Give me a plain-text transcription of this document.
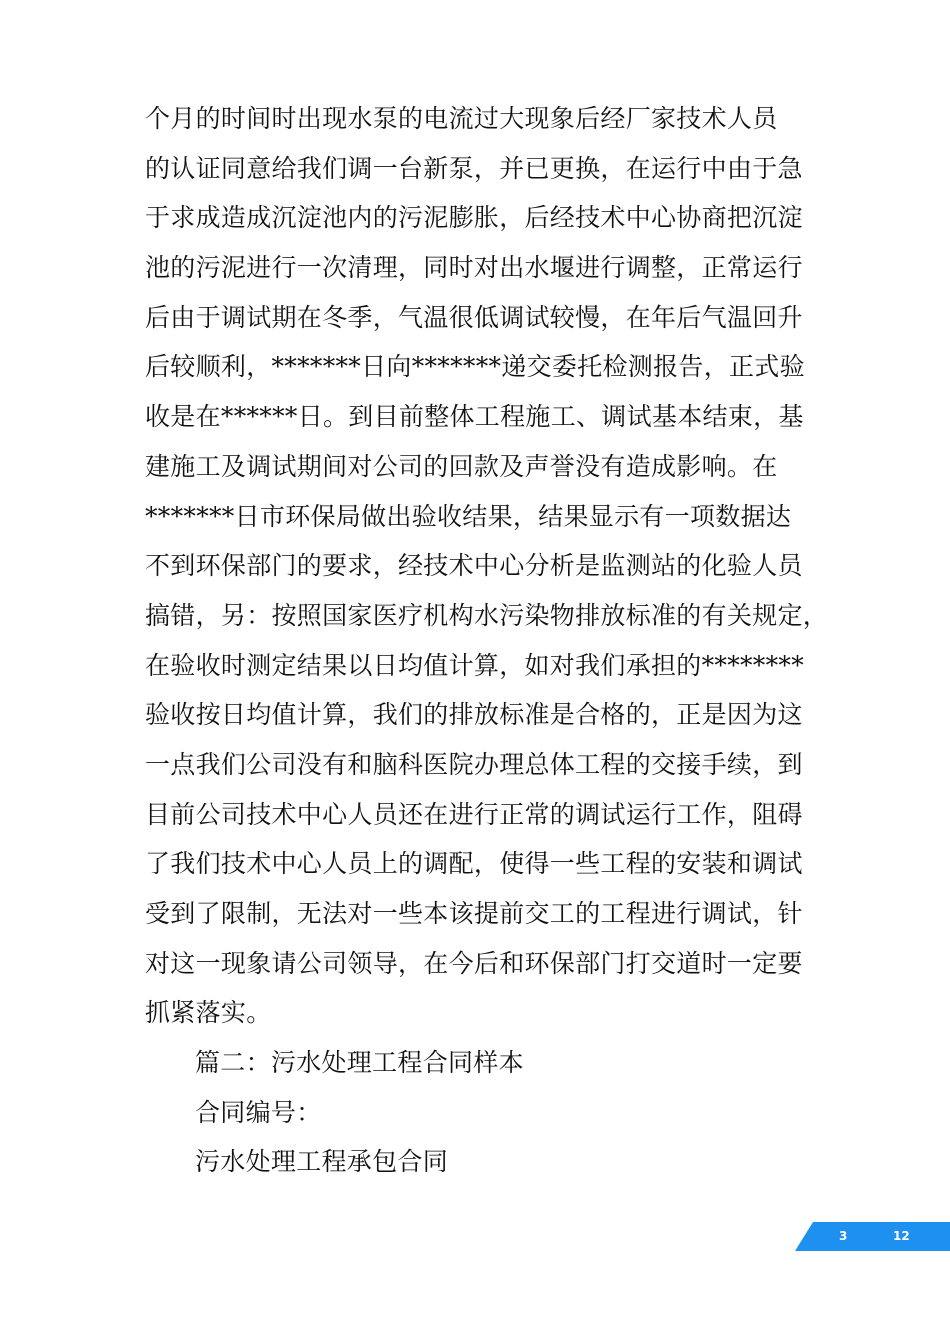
个月的时间时出现水泵的电流过大现象后经厂家技术人员
的认证同意给我们调一台新泵，并已更换，在运行中由于急
于求成造成沉淀池内的污泥膨胀，后经技术中心协商把沉淀
池的污泥进行一次清理，同时对出水堰进行调整，正常运行
后由于调试期在冬季，气温很低调试较慢，在年后气温回升
后较顺利，*******日向*******递交委托检测报告，正式验
收是在******日。到目前整体工程施工、调试基本结束，基
建施工及调试期间对公司的回款及声誉没有造成影响。在
*******日市环保局做出验收结果，结果显示有一项数据达
不到环保部门的要求，经技术中心分析是监测站的化验人员
搞错，另：按照国家医疗机构水污染物排放标准的有关规定，
在验收时测定结果以日均值计算，如对我们承担的********
验收按日均值计算，我们的排放标准是合格的，正是因为这
一点我们公司没有和脑科医院办理总体工程的交接手续，到
目前公司技术中心人员还在进行正常的调试运行工作，阻碍
了我们技术中心人员上的调配，使得一些工程的安装和调试
受到了限制，无法对一些本该提前交工的工程进行调试，针
对这一现象请公司领导，在今后和环保部门打交道时一定要
抓紧落实。
篇二：污水处理工程合同样本
合同编号：
污水处理工程承包合同
3	12
